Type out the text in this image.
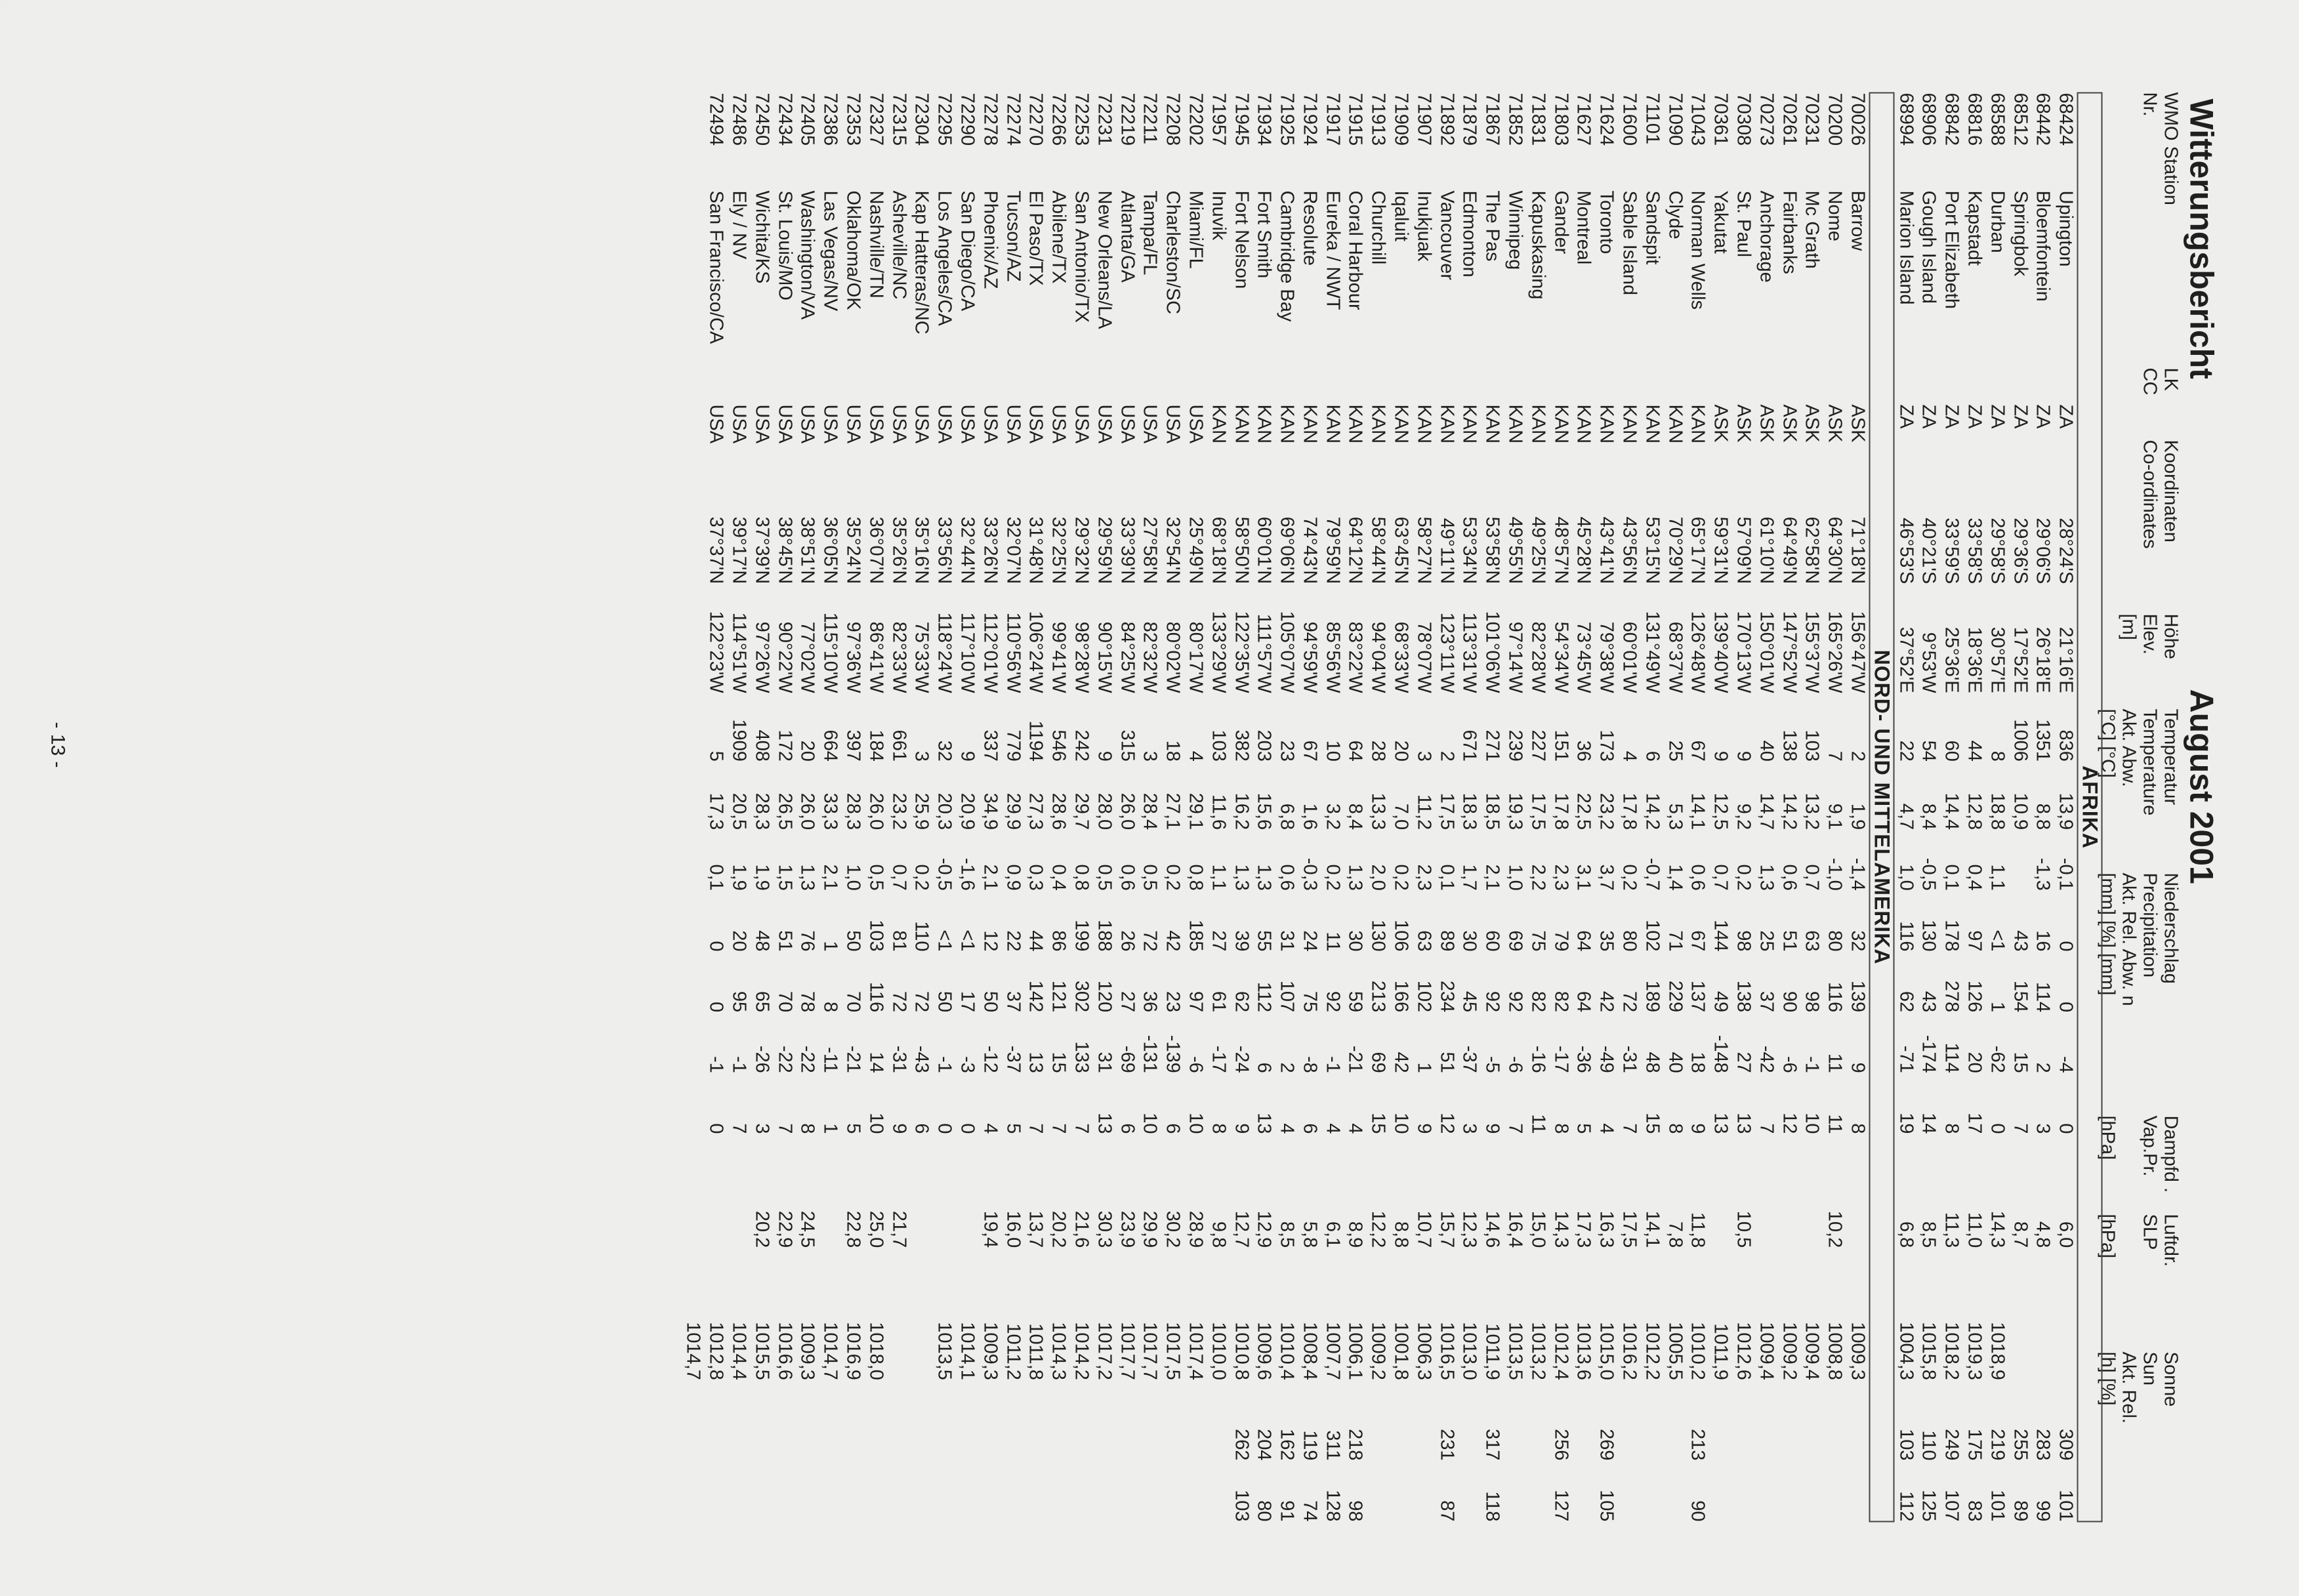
Witterungsbericht
August 2001
WMO Station
Nr.
LK
CC
Koordinaten
Co-ordinates
Höhe
Elev.
[m]
Temperatur
Temperature
Akt. Abw.
[°C] [°C]
Niederschlag
Precipitation
Akt. Rel. Abw. n
[mm] [%] [mm]
Dampfd .
Vap.Pr.
[hPa]
Luftdr.
SLP
[hPa]
Sonne
Sun
Akt. Rel.
[h] [%]
AFRIKA															
68424	Upington	ZA	28°24'S	21°16'E	836	13,9	-0,1	0	0	-4	0	6,0		309	101
68442	Bloemfontein	ZA	29°06'S	26°18'E	1351	8,8	-1,3	16	114	2	3	4,8		283	99
68512	Springbok	ZA	29°36'S	17°52'E	1006	10,9		43	154	15	7	8,7		255	89
68588	Durban	ZA	29°58'S	30°57'E	8	18,8	1,1	<1	1	-62	0	14,3	1018,9	219	101
68816	Kapstadt	ZA	33°58'S	18°36'E	44	12,8	0,4	97	126	20	17	11,0	1019,3	175	83
68842	Port Elizabeth	ZA	33°59'S	25°36'E	60	14,4	0,1	178	278	114	8	11,3	1018,2	249	107
68906	Gough Island	ZA	40°21'S	9°53'W	54	8,4	-0,5	130	43	-174	14	8,5	1015,8	110	125
68994	Marion Island	ZA	46°53'S	37°52'E	22	4,7	1,0	116	62	-71	19	6,8	1004,3	103	112
NORD- UND MITTELAMERIKA															
70026	Barrow	ASK	71°18'N	156°47'W	2	1,9	-1,4	32	139	9	8		1009,3		
70200	Nome	ASK	64°30'N	165°26'W	7	9,1	-1,0	80	116	11	11	10,2	1008,8		
70231	Mc Grath	ASK	62°58'N	155°37'W	103	13,2	0,7	63	98	-1	10		1009,4		
70261	Fairbanks	ASK	64°49'N	147°52'W	138	14,2	0,6	51	90	-6	12		1009,2		
70273	Anchorage	ASK	61°10'N	150°01'W	40	14,7	1,3	25	37	-42	7		1009,4		
70308	St. Paul	ASK	57°09'N	170°13'W	9	9,2	0,2	98	138	27	13	10,5	1012,6		
70361	Yakutat	ASK	59°31'N	139°40'W	9	12,5	0,7	144	49	-148	13		1011,9		
71043	Norman Wells	KAN	65°17'N	126°48'W	67	14,1	0,6	67	137	18	9	11,8	1010,2	213	90
71090	Clyde	KAN	70°29'N	68°37'W	25	5,3	1,4	71	229	40	8	7,8	1005,5		
71101	Sandspit	KAN	53°15'N	131°49'W	6	14,2	-0,7	102	189	48	15	14,1	1012,2		
71600	Sable Island	KAN	43°56'N	60°01'W	4	17,8	0,2	80	72	-31	7	17,5	1016,2		
71624	Toronto	KAN	43°41'N	79°38'W	173	23,2	3,7	35	42	-49	4	16,3	1015,0	269	105
71627	Montreal	KAN	45°28'N	73°45'W	36	22,5	3,1	64	64	-36	5	17,3	1013,6		
71803	Gander	KAN	48°57'N	54°34'W	151	17,8	2,3	79	82	-17	8	14,3	1012,4	256	127
71831	Kapuskasing	KAN	49°25'N	82°28'W	227	17,5	2,2	75	82	-16	11	15,0	1013,2		
71852	Winnipeg	KAN	49°55'N	97°14'W	239	19,3	1,0	69	92	-6	7	16,4	1013,5		
71867	The Pas	KAN	53°58'N	101°06'W	271	18,5	2,1	60	92	-5	9	14,6	1011,9	317	118
71879	Edmonton	KAN	53°34'N	113°31'W	671	18,3	1,7	30	45	-37	3	12,3	1013,0		
71892	Vancouver	KAN	49°11'N	123°11'W	2	17,5	0,1	89	234	51	12	15,7	1016,5	231	87
71907	Inukjuak	KAN	58°27'N	78°07'W	3	11,2	2,3	63	102	1	9	10,7	1006,3		
71909	Iqaluit	KAN	63°45'N	68°33'W	20	7,0	0,2	106	166	42	10	8,8	1001,8		
71913	Churchill	KAN	58°44'N	94°04'W	28	13,3	2,0	130	213	69	15	12,2	1009,2		
71915	Coral Harbour	KAN	64°12'N	83°22'W	64	8,4	1,3	30	59	-21	4	8,9	1006,1	218	98
71917	Eureka / NWT	KAN	79°59'N	85°56'W	10	3,2	0,2	11	92	-1	4	6,1	1007,7	311	128
71924	Resolute	KAN	74°43'N	94°59'W	67	1,6	-0,3	24	75	-8	6	5,8	1008,4	119	74
71925	Cambridge Bay	KAN	69°06'N	105°07'W	23	6,8	0,6	31	107	2	4	8,5	1010,4	162	91
71934	Fort Smith	KAN	60°01'N	111°57'W	203	15,6	1,3	55	112	6	13	12,9	1009,6	204	80
71945	Fort Nelson	KAN	58°50'N	122°35'W	382	16,2	1,3	39	62	-24	9	12,7	1010,8	262	103
71957	Inuvik	KAN	68°18'N	133°29'W	103	11,6	1,1	27	61	-17	8	9,8	1010,0		
72202	Miami/FL	USA	25°49'N	80°17'W	4	29,1	0,8	185	97	-6	10	28,9	1017,4		
72208	Charleston/SC	USA	32°54'N	80°02'W	18	27,1	0,2	42	23	-139	6	30,2	1017,5		
72211	Tampa/FL	USA	27°58'N	82°32'W	3	28,4	0,5	72	36	-131	10	29,9	1017,7		
72219	Atlanta/GA	USA	33°39'N	84°25'W	315	26,0	0,6	26	27	-69	6	23,9	1017,7		
72231	New Orleans/LA	USA	29°59'N	90°15'W	9	28,0	0,5	188	120	31	13	30,3	1017,2		
72253	San Antonio/TX	USA	29°32'N	98°28'W	242	29,7	0,8	199	302	133	7	21,6	1014,2		
72266	Abilene/TX	USA	32°25'N	99°41'W	546	28,6	0,4	86	121	15	7	20,2	1014,3		
72270	El Paso/TX	USA	31°48'N	106°24'W	1194	27,3	0,3	44	142	13	7	13,7	1011,8		
72274	Tucson/AZ	USA	32°07'N	110°56'W	779	29,9	0,9	22	37	-37	5	16,0	1011,2		
72278	Phoenix/AZ	USA	33°26'N	112°01'W	337	34,9	2,1	12	50	-12	4	19,4	1009,3		
72290	San Diego/CA	USA	32°44'N	117°10'W	9	20,9	-1,6	<1	17	-3	0		1014,1		
72295	Los Angeles/CA	USA	33°56'N	118°24'W	32	20,3	-0,5	<1	50	-1	0		1013,5		
72304	Kap Hatteras/NC	USA	35°16'N	75°33'W	3	25,9	0,2	110	72	-43	6				
72315	Asheville/NC	USA	35°26'N	82°33'W	661	23,2	0,7	81	72	-31	9	21,7			
72327	Nashville/TN	USA	36°07'N	86°41'W	184	26,0	0,5	103	116	14	10	25,0	1018,0		
72353	Oklahoma/OK	USA	35°24'N	97°36'W	397	28,3	1,0	50	70	-21	5	22,8	1016,9		
72386	Las Vegas/NV	USA	36°05'N	115°10'W	664	33,3	2,1	1	8	-11	1		1014,7		
72405	Washington/VA	USA	38°51'N	77°02'W	20	26,0	1,3	76	78	-22	8	24,5	1009,3		
72434	St. Louis/MO	USA	38°45'N	90°22'W	172	26,5	1,5	51	70	-22	7	22,9	1016,6		
72450	Wichita/KS	USA	37°39'N	97°26'W	408	28,3	1,9	48	65	-26	3	20,2	1015,5		
72486	Ely / NV	USA	39°17'N	114°51'W	1909	20,5	1,9	20	95	-1	7		1014,4		
72494	San Francisco/CA	USA	37°37'N	122°23'W	5	17,3	0,1	0	0	-1	0		1012,8		
													1014,7		
- 13 -
